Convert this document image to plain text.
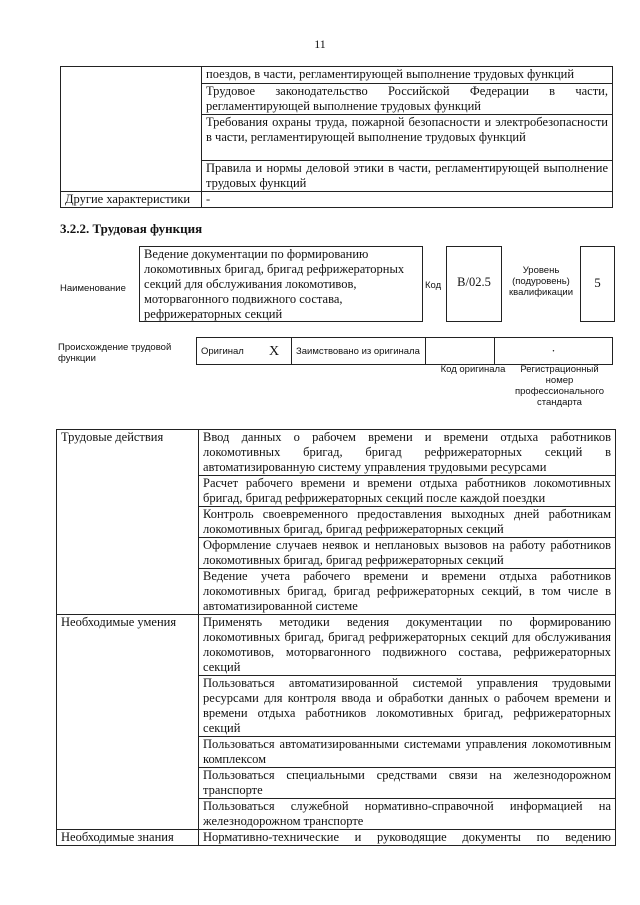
11
	поездов, в части, регламентирующей выполнение трудовых функций
	Трудовое законодательство Российской Федерации в части, регламентирующей выполнение трудовых функций
	Требования охраны труда, пожарной безопасности и электробезопасности в части, регламентирующей выполнение трудовых функций
	Правила и нормы деловой этики в части, регламентирующей выполнение трудовых функций
Другие характеристики	-
3.2.2. Трудовая функция
Наименование
Ведение документации по формированию локомотивных бригад, бригад рефрижераторных секций для обслуживания локомотивов, моторвагонного подвижного состава, рефрижераторных секций
Код	B/02.5
Уровень (подуровень) квалификации
5
Происхождение трудовой функции
Оригинал	X	Заимствовано из оригинала		·
Код оригинала	Регистрационный номер профессионального стандарта
Трудовые действия	Ввод данных о рабочем времени и времени отдыха работников локомотивных бригад, бригад рефрижераторных секций в автоматизированную систему управления трудовыми ресурсами
	Расчет рабочего времени и времени отдыха работников локомотивных бригад, бригад рефрижераторных секций после каждой поездки
	Контроль своевременного предоставления выходных дней работникам локомотивных бригад, бригад рефрижераторных секций
	Оформление случаев неявок и неплановых вызовов на работу работников локомотивных бригад, бригад рефрижераторных секций
	Ведение учета рабочего времени и времени отдыха работников локомотивных бригад, бригад рефрижераторных секций, в том числе в автоматизированной системе
Необходимые умения	Применять методики ведения документации по формированию локомотивных бригад, бригад рефрижераторных секций для обслуживания локомотивов, моторвагонного подвижного состава, рефрижераторных секций
	Пользоваться автоматизированной системой управления трудовыми ресурсами для контроля ввода и обработки данных о рабочем времени и времени отдыха работников локомотивных бригад, рефрижераторных секций
	Пользоваться автоматизированными системами управления локомотивным комплексом
	Пользоваться специальными средствами связи на железнодорожном транспорте
	Пользоваться служебной нормативно-справочной информацией на железнодорожном транспорте
Необходимые знания	Нормативно-технические и руководящие документы по ведению
